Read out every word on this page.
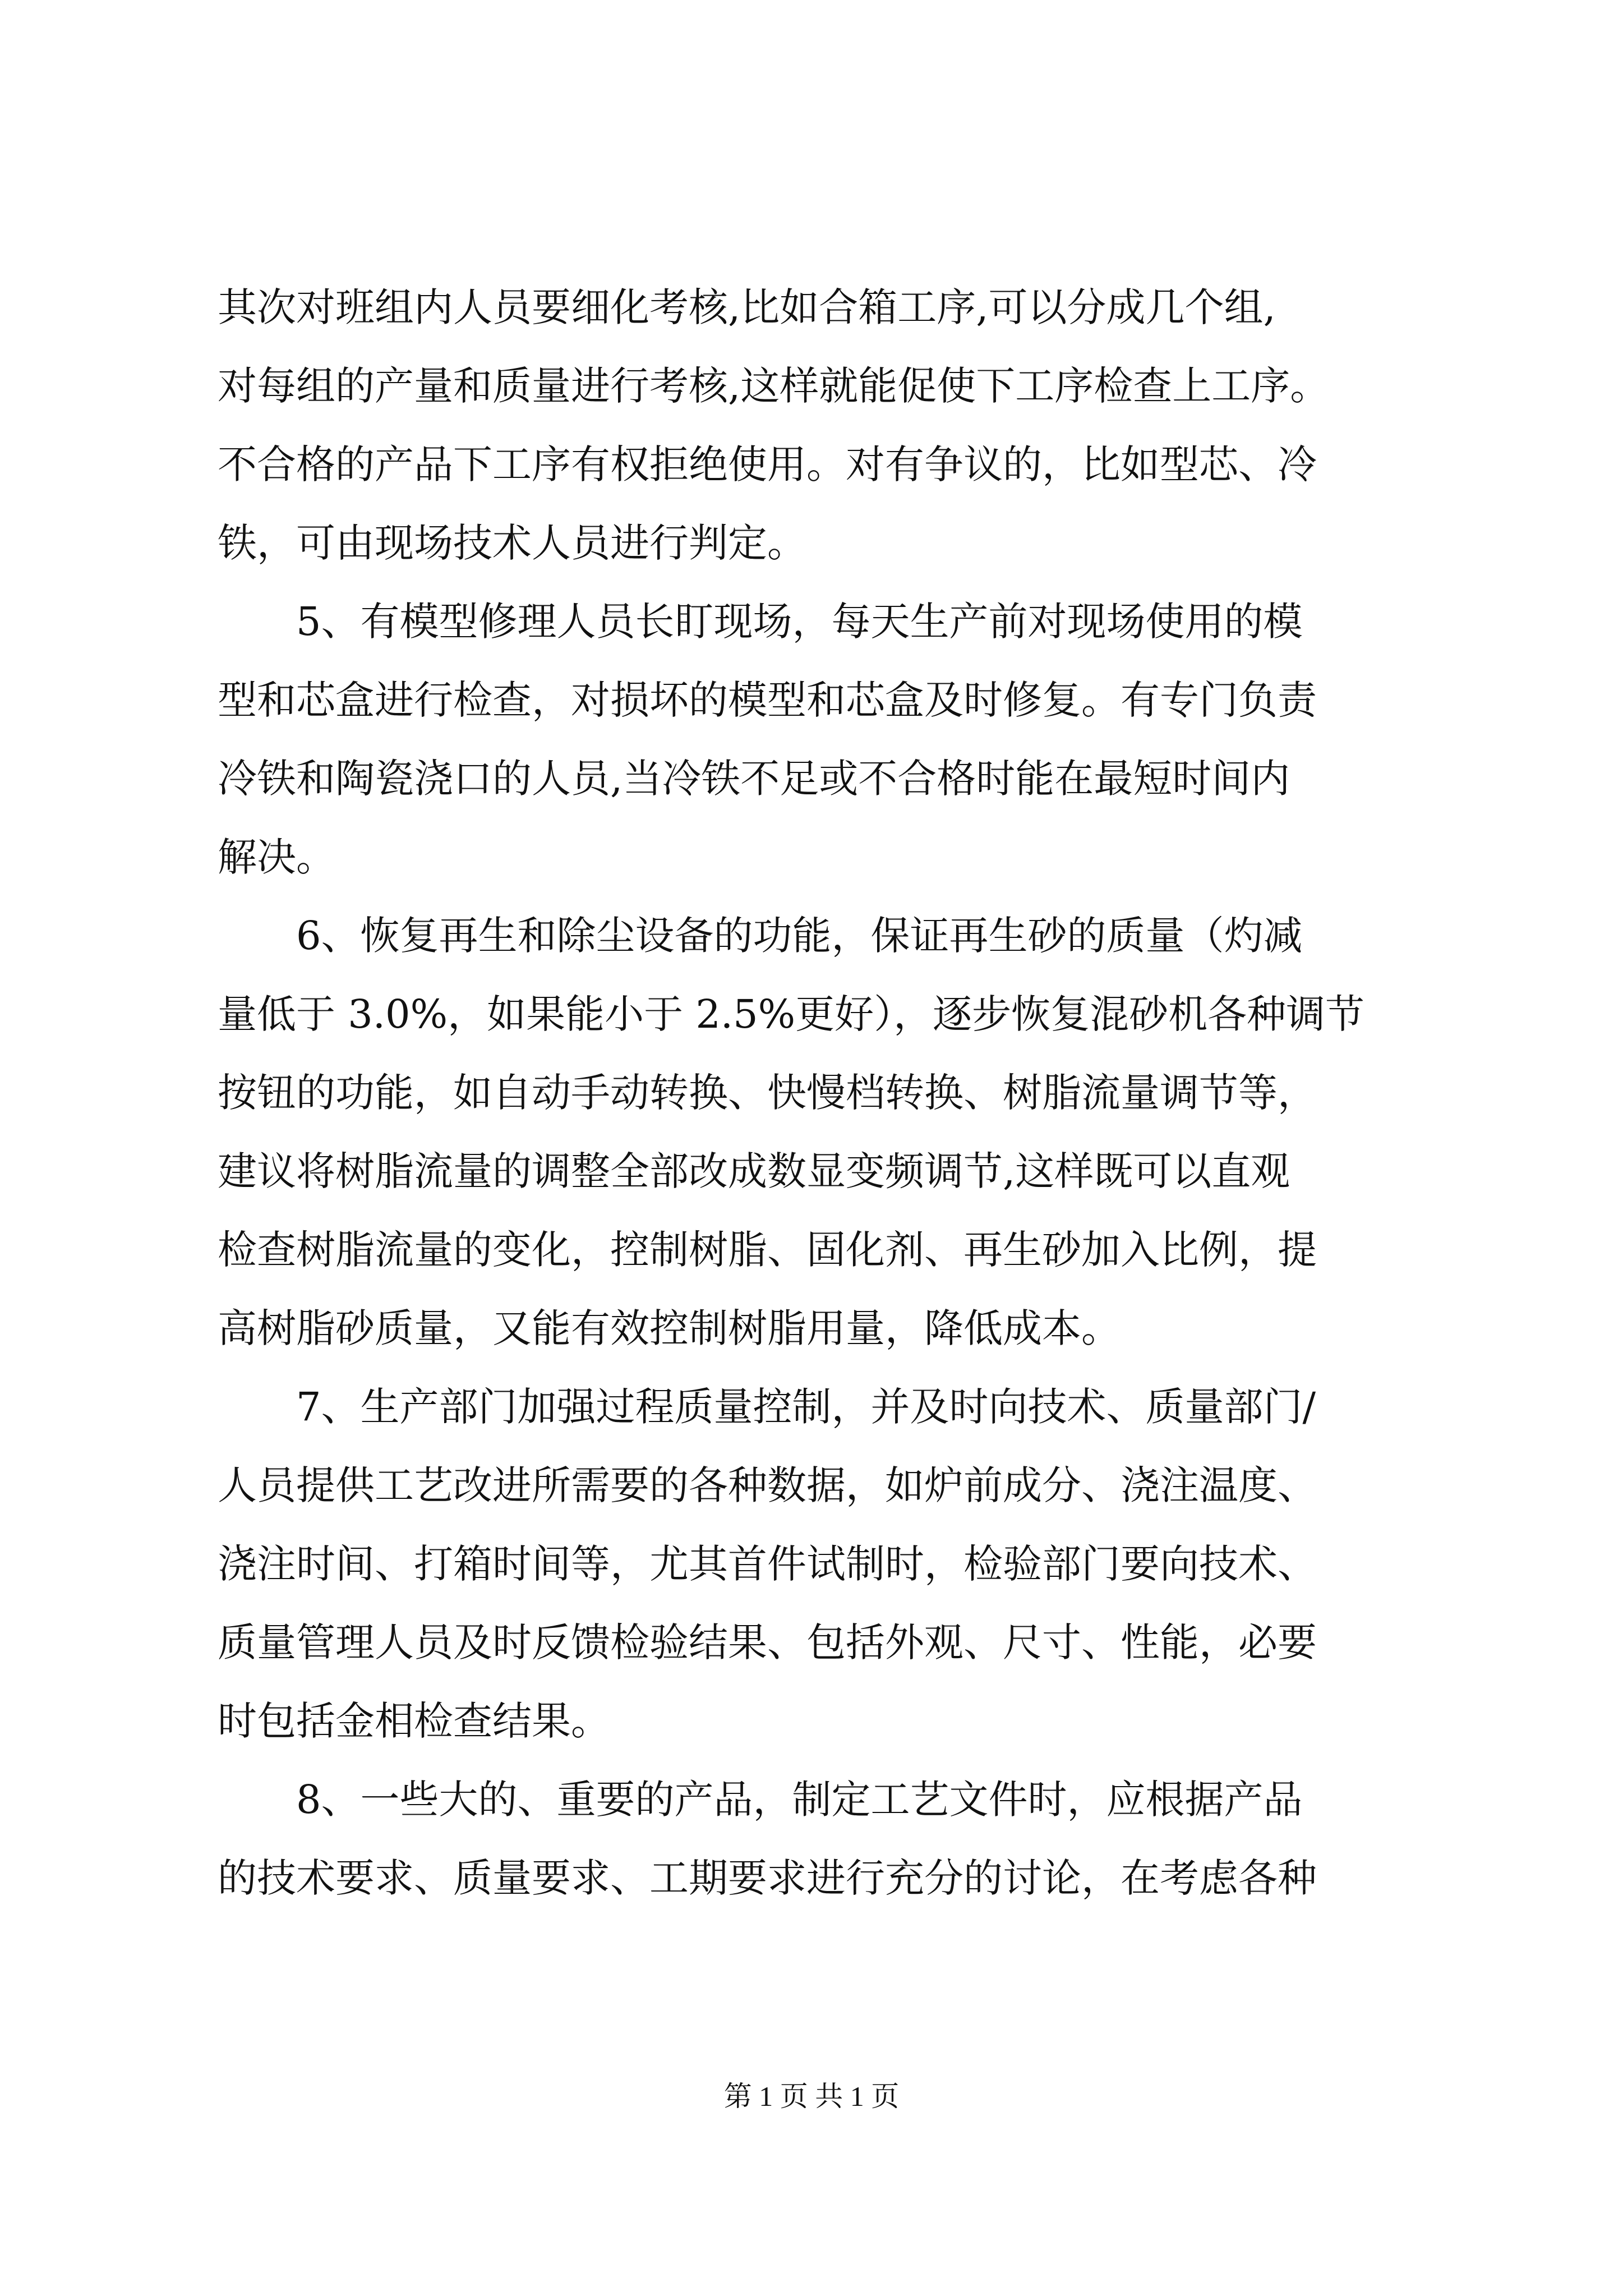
其次对班组内人员要细化考核,比如合箱工序,可以分成几个组,
对每组的产量和质量进行考核,这样就能促使下工序检查上工序。
不合格的产品下工序有权拒绝使用。对有争议的，比如型芯、冷
铁，可由现场技术人员进行判定。
5、有模型修理人员长盯现场，每天生产前对现场使用的模
型和芯盒进行检查，对损坏的模型和芯盒及时修复。有专门负责
冷铁和陶瓷浇口的人员,当冷铁不足或不合格时能在最短时间内
解决。
6、恢复再生和除尘设备的功能，保证再生砂的质量（灼减
量低于 3.0%，如果能小于 2.5%更好），逐步恢复混砂机各种调节
按钮的功能，如自动手动转换、快慢档转换、树脂流量调节等，
建议将树脂流量的调整全部改成数显变频调节,这样既可以直观
检查树脂流量的变化，控制树脂、固化剂、再生砂加入比例，提
高树脂砂质量，又能有效控制树脂用量，降低成本。
7、生产部门加强过程质量控制，并及时向技术、质量部门/
人员提供工艺改进所需要的各种数据，如炉前成分、浇注温度、
浇注时间、打箱时间等，尤其首件试制时，检验部门要向技术、
质量管理人员及时反馈检验结果、包括外观、尺寸、性能，必要
时包括金相检查结果。
8、一些大的、重要的产品，制定工艺文件时，应根据产品
的技术要求、质量要求、工期要求进行充分的讨论，在考虑各种
第 1 页 共 1 页
